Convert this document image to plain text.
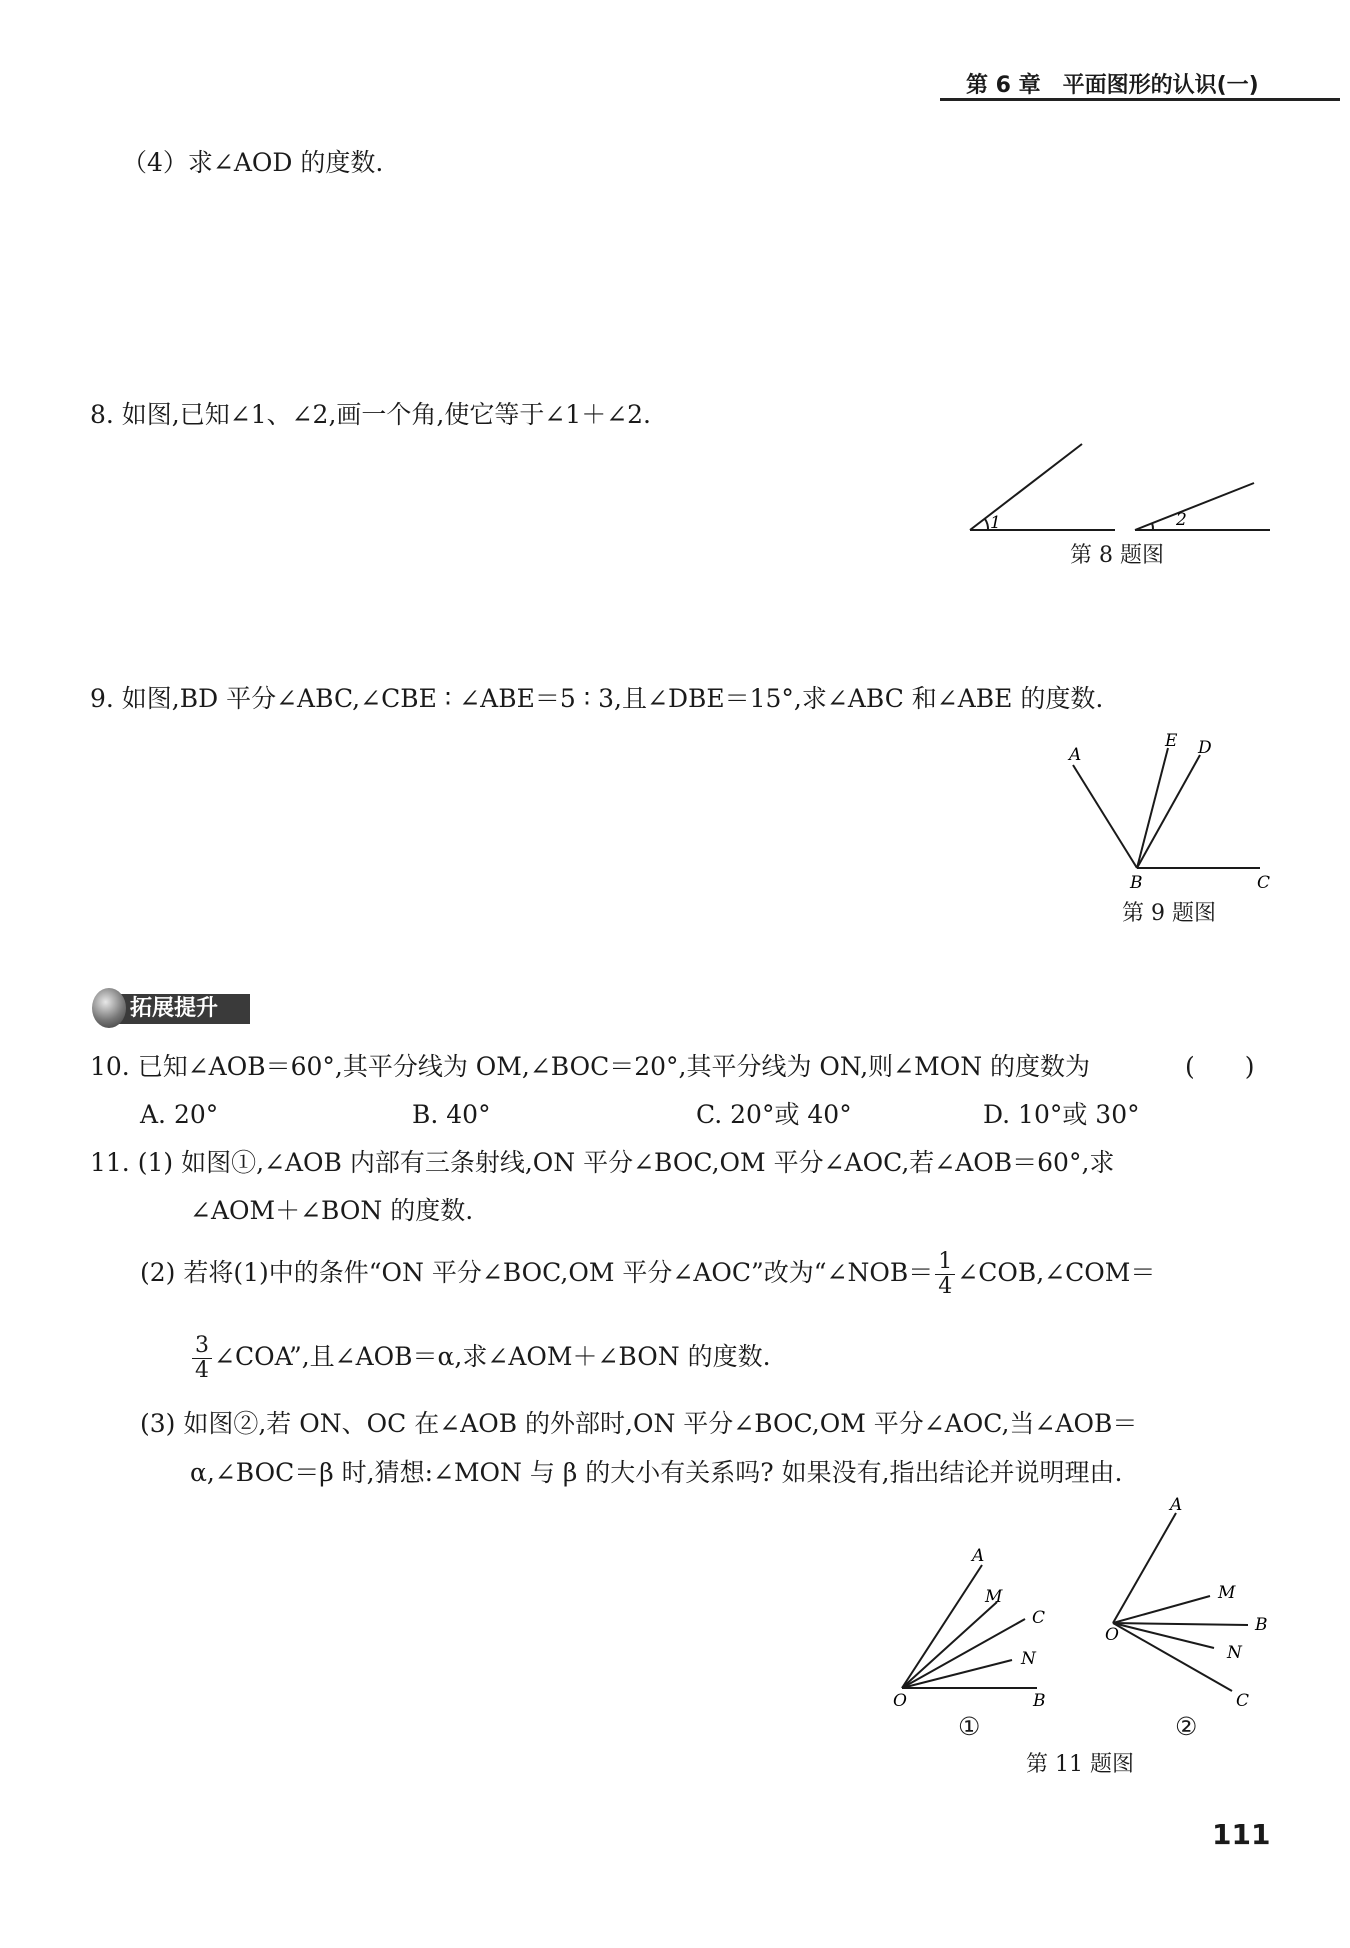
第 6 章　平面图形的认识(一)
（4）求∠AOD 的度数.
8. 如图,已知∠1、∠2,画一个角,使它等于∠1＋∠2.
1	2
第 8 题图
9. 如图,BD 平分∠ABC,∠CBE ∶ ∠ABE＝5 ∶ 3,且∠DBE＝15°,求∠ABC 和∠ABE 的度数.
A
E D
B	C
第 9 题图
拓展提升
10. 已知∠AOB＝60°,其平分线为 OM,∠BOC＝20°,其平分线为 ON,则∠MON 的度数为	(　　)
A. 20°	B. 40°	C. 20°或 40°	D. 10°或 30°
11. (1) 如图①,∠AOB 内部有三条射线,ON 平分∠BOC,OM 平分∠AOC,若∠AOB＝60°,求
∠AOM＋∠BON 的度数.
(2) 若将(1)中的条件“ON 平分∠BOC,OM 平分∠AOC”改为“∠NOB＝ $\frac{1}{4}$ ∠COB,∠COM＝
$\frac{3}{4}$ ∠COA”,且∠AOB＝α,求∠AOM＋∠BON 的度数.
(3) 如图②,若 ON、OC 在∠AOB 的外部时,ON 平分∠BOC,OM 平分∠AOC,当∠AOB＝
α,∠BOC＝β 时,猜想:∠MON 与 β 的大小有关系吗? 如果没有,指出结论并说明理由.
A
M
C
N
O	B
①
A
M
O	B
N
C
②
第 11 题图
111
